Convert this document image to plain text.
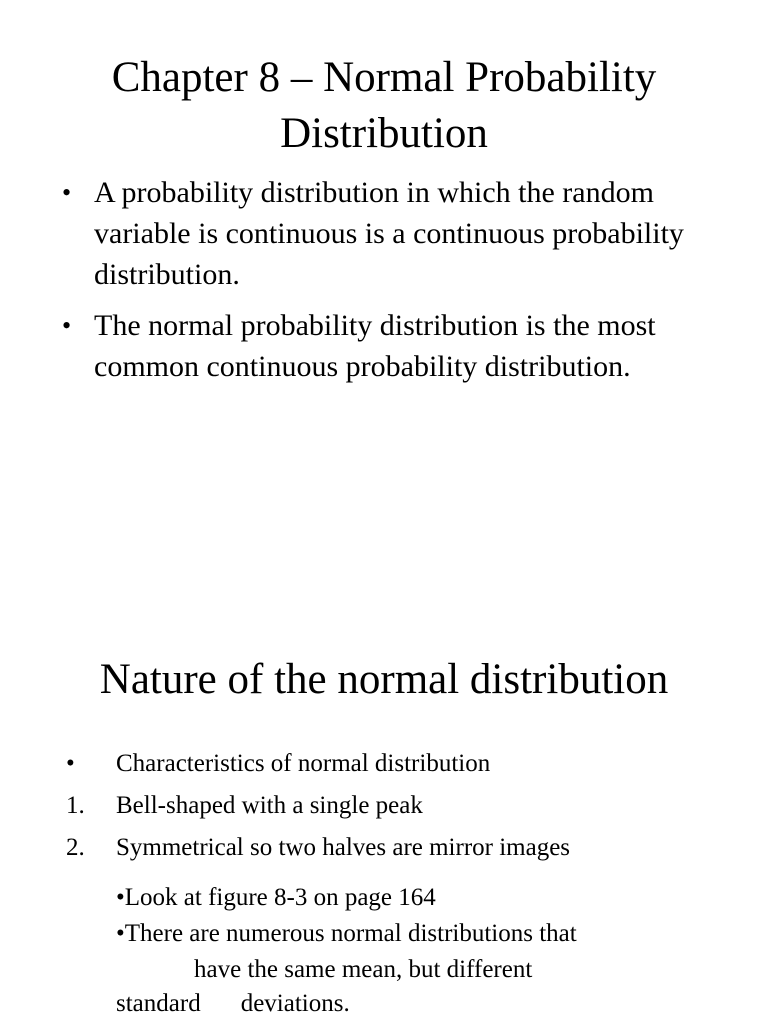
Chapter 8 – Normal Probability
Distribution
• A probability distribution in which the random variable is continuous is a continuous probability distribution.
• The normal probability distribution is the most common continuous probability distribution.
Nature of the normal distribution
• Characteristics of normal distribution
1. Bell-shaped with a single peak
2. Symmetrical so two halves are mirror images
•Look at figure 8-3 on page 164
•There are numerous normal distributions that
have the same mean, but different
standard deviations.
